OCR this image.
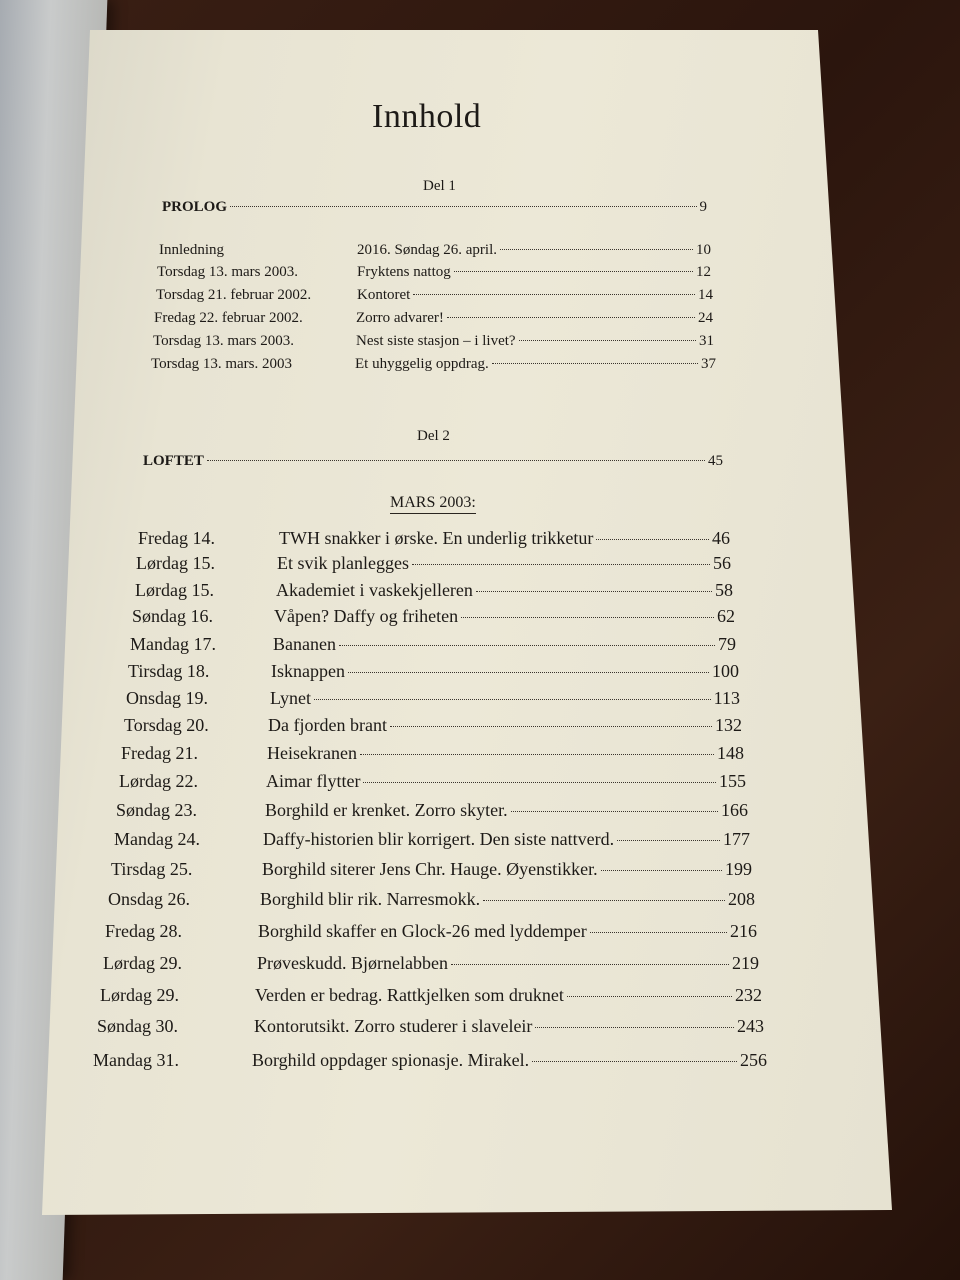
Innhold
Del 1
PROLOG	9
Innledning	2016. Søndag 26. april.	10
Torsdag 13. mars 2003.	Fryktens nattog	12
Torsdag 21. februar 2002.	Kontoret	14
Fredag 22. februar 2002.	Zorro advarer!	24
Torsdag 13. mars 2003.	Nest siste stasjon – i livet?	31
Torsdag 13. mars. 2003	Et uhyggelig oppdrag.	37
Del 2
LOFTET	45
MARS 2003:
Fredag 14.	TWH snakker i ørske. En underlig trikketur	46
Lørdag 15.	Et svik planlegges	56
Lørdag 15.	Akademiet i vaskekjelleren	58
Søndag 16.	Våpen? Daffy og friheten	62
Mandag 17.	Bananen	79
Tirsdag 18.	Isknappen	100
Onsdag 19.	Lynet	113
Torsdag 20.	Da fjorden brant	132
Fredag 21.	Heisekranen	148
Lørdag 22.	Aimar flytter	155
Søndag 23.	Borghild er krenket. Zorro skyter.	166
Mandag 24.	Daffy-historien blir korrigert. Den siste nattverd.	177
Tirsdag 25.	Borghild siterer Jens Chr. Hauge. Øyenstikker.	199
Onsdag 26.	Borghild blir rik. Narresmokk.	208
Fredag 28.	Borghild skaffer en Glock-26 med lyddemper	216
Lørdag 29.	Prøveskudd. Bjørnelabben	219
Lørdag 29.	Verden er bedrag. Rattkjelken som druknet	232
Søndag 30.	Kontorutsikt. Zorro studerer i slaveleir	243
Mandag 31.	Borghild oppdager spionasje. Mirakel.	256
